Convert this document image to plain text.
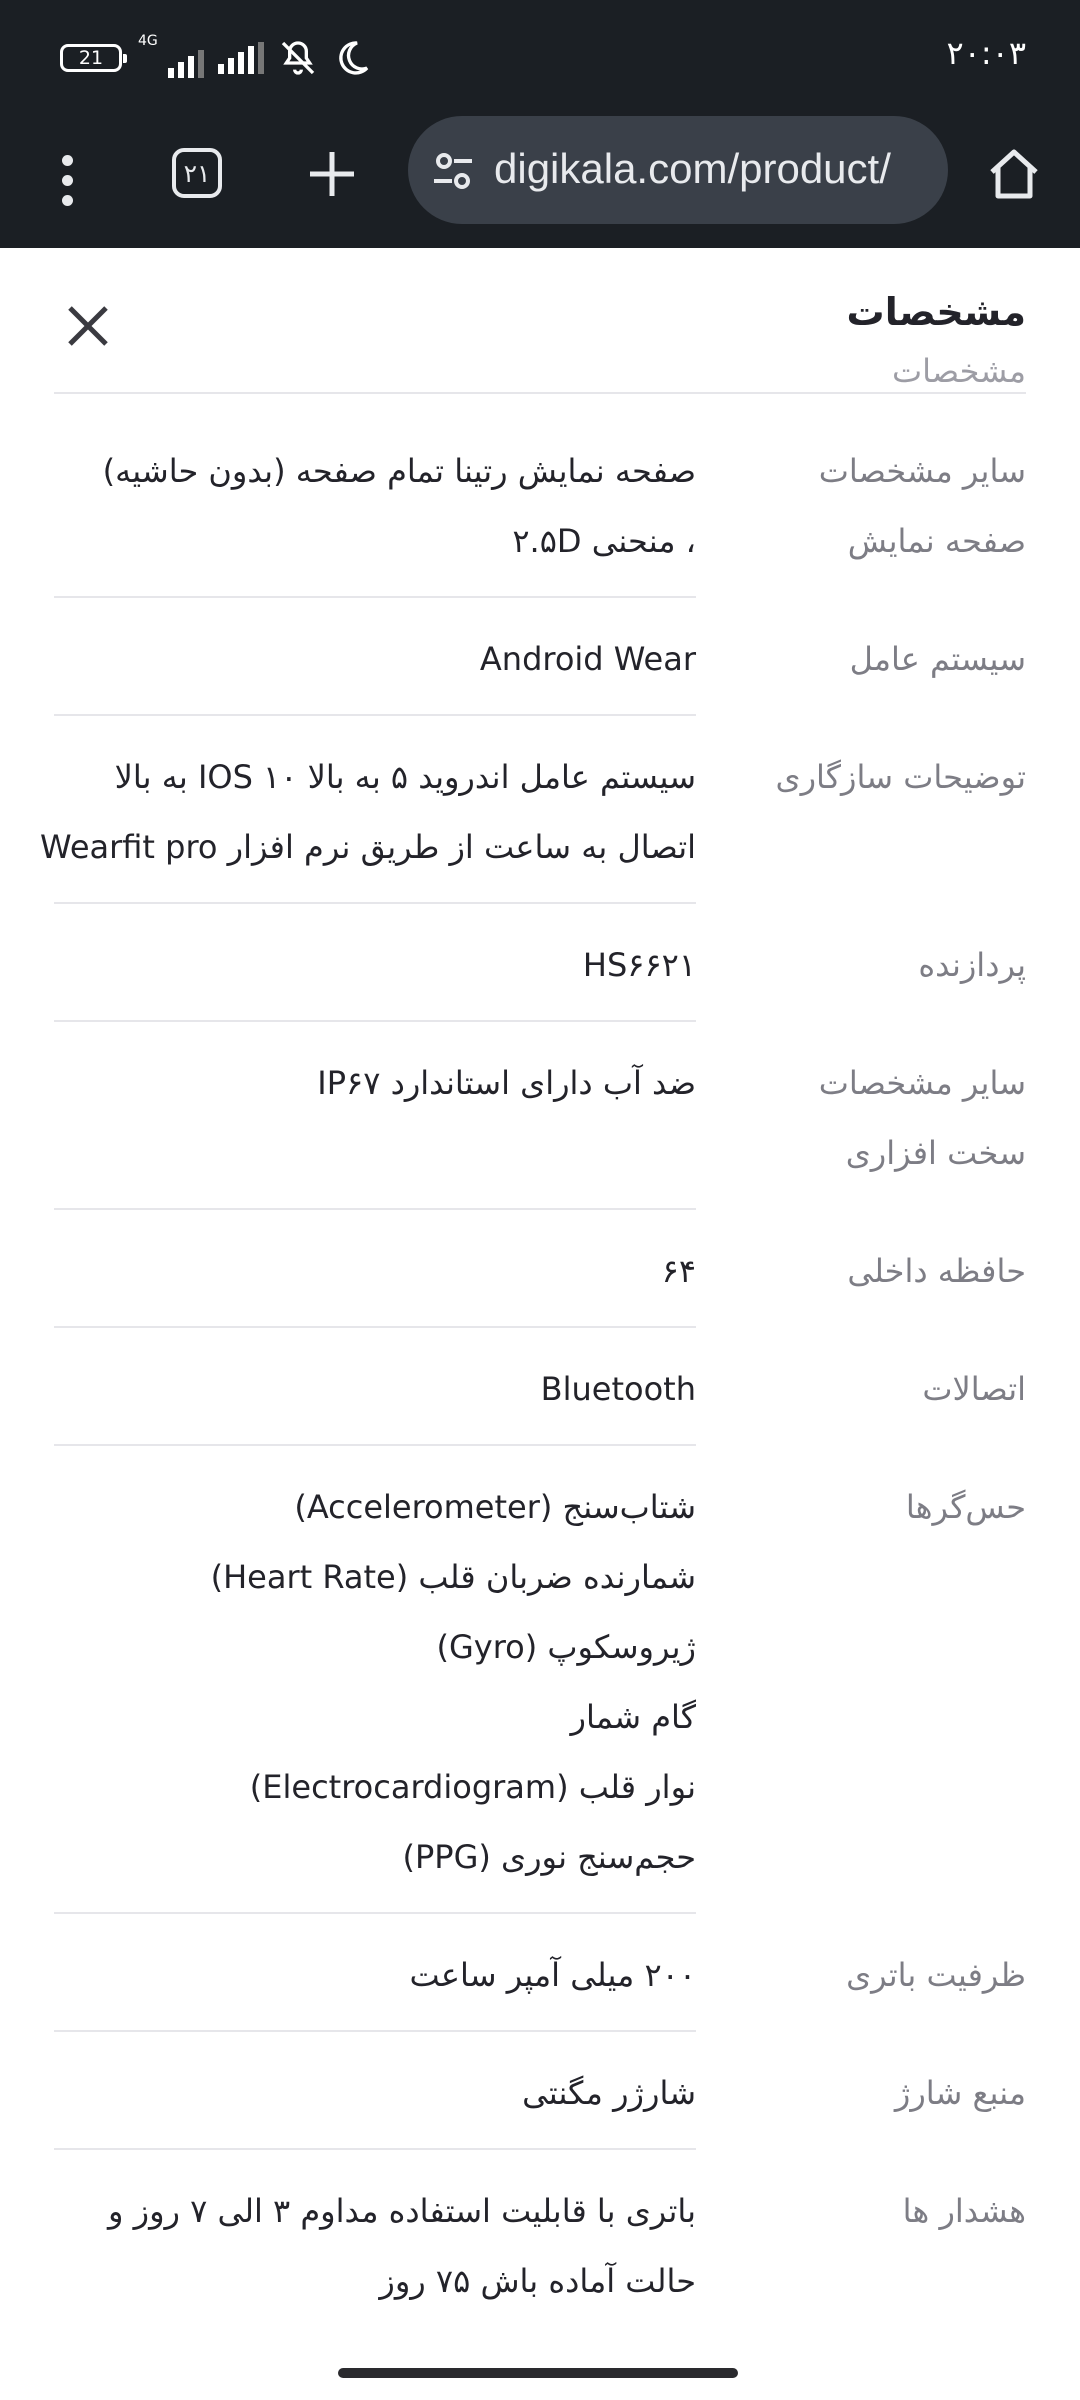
21
4G	۲۰:۰۳
۲۱	digikala.com/product/
مشخصات
مشخصات
سایر مشخصات
صفحه نمایش
صفحه نمایش رتینا تمام صفحه (بدون حاشیه)
، منحنی ۲.۵D
سیستم عامل
Android Wear
توضیحات سازگاری
سیستم عامل اندروید ۵ به بالا IOS ۱۰ به بالا
اتصال به ساعت از طریق نرم افزار Wearfit pro
پردازنده
HS۶۶۲۱
سایر مشخصات
سخت افزاری
ضد آب دارای استاندارد IP۶۷
حافظه داخلی
۶۴
اتصالات
Bluetooth
حس‌گرها
شتاب‌سنج (Accelerometer)
شمارنده ضربان قلب (Heart Rate)
ژیروسکوپ (Gyro)
گام شمار
نوار قلب (Electrocardiogram)
حجم‌سنج نوری (PPG)
ظرفیت باتری
۲۰۰ میلی آمپر ساعت
منبع شارژ
شارژر مگنتی
هشدار ها
باتری با قابلیت استفاده مداوم ۳ الی ۷ روز و
حالت آماده باش ۷۵ روز
